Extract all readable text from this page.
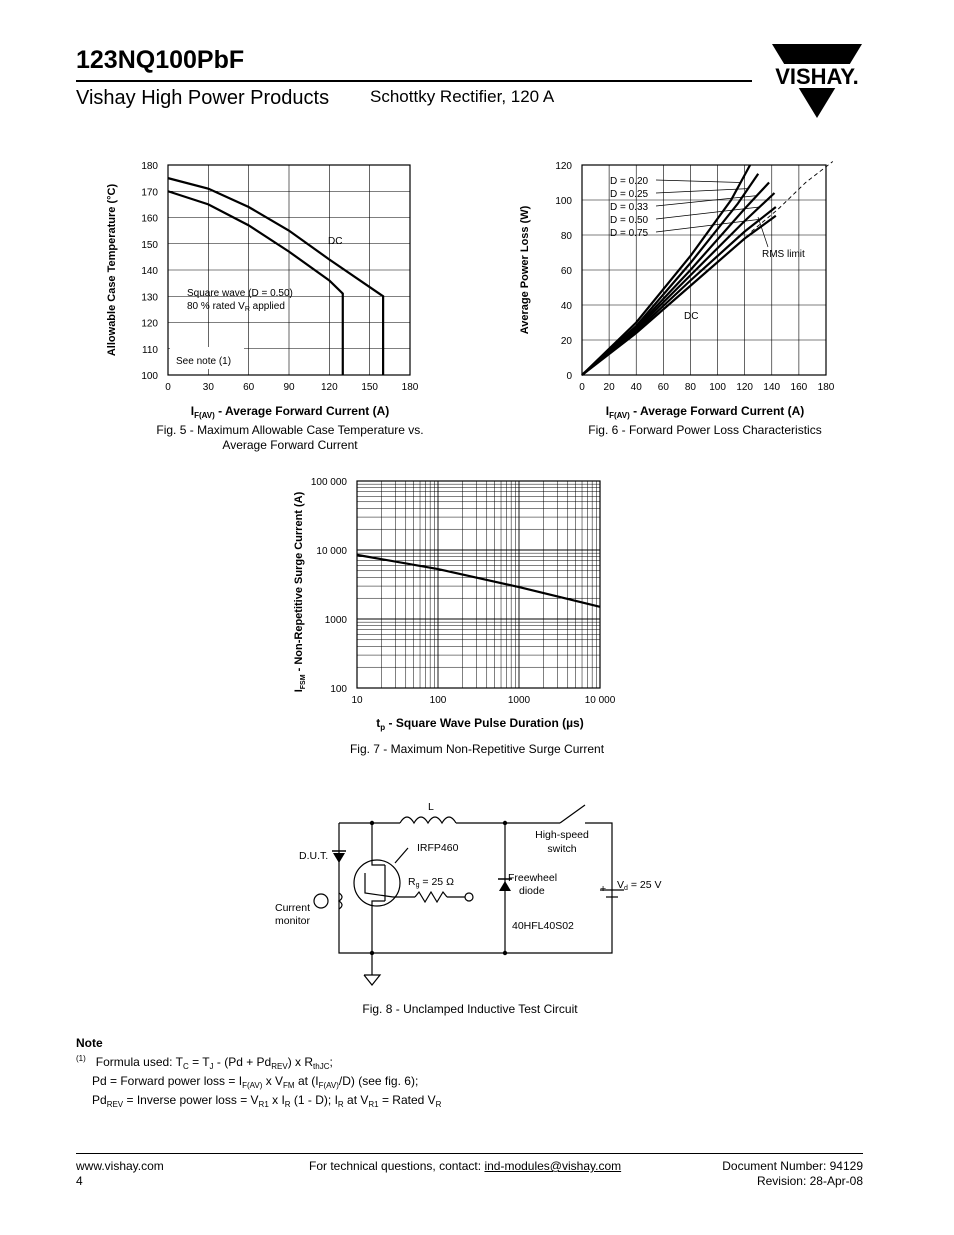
123NQ100PbF
Vishay High Power Products Schottky Rectifier, 120 A
VISHAY.
0	30	60	90	120 150 180
100
110
120
130
140
150
160
170
180
DC
Square wave (D = 0.50)
80 % rated $V_R$ applied
See note (1)
Allowable Case Temperature (°C)
$I_{F(AV)}$ - Average Forward Current (A)
Fig. 5 - Maximum Allowable Case Temperature vs.
Average Forward Current
0 20 40 60 80 100 120 140 160 180
0
20
40
60
80
100
120
D = 0.20
D = 0.25
D = 0.33
D = 0.50
D = 0.75
DC
RMS limit
Average Power Loss (W)
$I_{F(AV)}$ - Average Forward Current (A)
Fig. 6 - Forward Power Loss Characteristics
10	100	1000	10 000
100
1000
10 000
100 000
$I_{FSM}$ - Non-Repetitive Surge Current (A)
$t_p$ - Square Wave Pulse Duration (µs)
Fig. 7 - Maximum Non-Repetitive Surge Current
L
High-speed
switch
D.U.T.
IRFP460
Rg = 25 Ω	Freewheel
diode
40HFL40S02
Current
monitor
+ Vd = 25 V
Fig. 8 - Unclamped Inductive Test Circuit
Note
$^{(1)}$ Formula used: $T_C = T_J - (Pd + Pd_{REV})$ x $R_{thJC}$;
Pd = Forward power loss = $I_{F(AV)}$ x $V_{FM}$ at $(I_{F(AV)}/D)$ (see fig. 6);
$Pd_{REV}$ = Inverse power loss = $V_{R1}$ x $I_R$ (1 - D); $I_R$ at $V_{R1}$ = Rated $V_R$
www.vishay.com
4
For technical questions, contact: ind-modules@vishay.com	Document Number: 94129
Revision: 28-Apr-08
